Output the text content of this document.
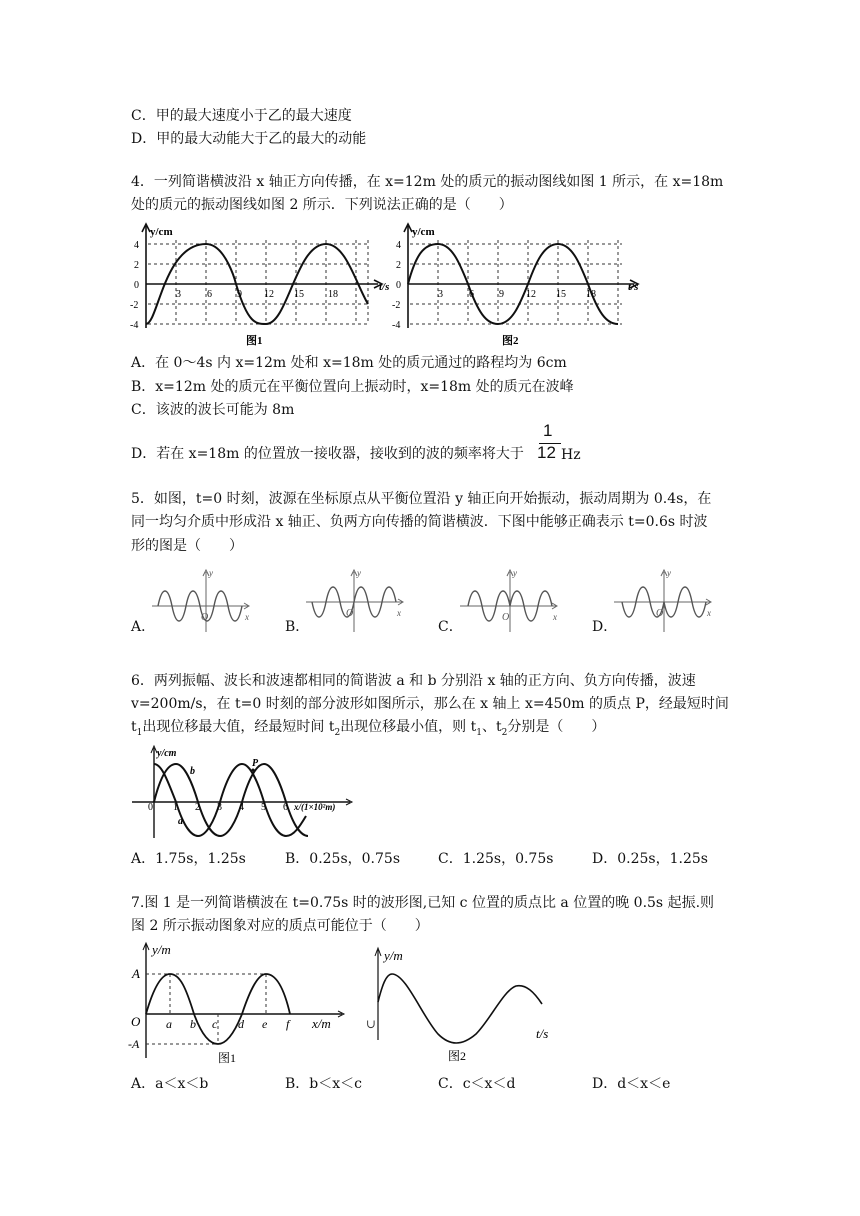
C．甲的最大速度小于乙的最大速度
D．甲的最大动能大于乙的最大的动能
4．一列简谐横波沿 x 轴正方向传播，在 x=12m 处的质元的振动图线如图 1 所示，在 x=18m
处的质元的振动图线如图 2 所示．下列说法正确的是（　　）
y/cm
t/s
4
2
0
-2
-4
3	6	9 12 15 18
图1
y/cm
t/s
4
2
0
-2
-4
3	6	9 12 15 18
图2
A．在 0～4s 内 x=12m 处和 x=18m 处的质元通过的路程均为 6cm
B．x=12m 处的质元在平衡位置向上振动时，x=18m 处的质元在波峰
C．该波的波长可能为 8m
D．若在 x=18m 的位置放一接收器，接收到的波的频率将大于
1
12 Hz
5．如图，t=0 时刻，波源在坐标原点从平衡位置沿 y 轴正向开始振动，振动周期为 0.4s，在
同一均匀介质中形成沿 x 轴正、负两方向传播的简谐横波．下图中能够正确表示 t=0.6s 时波
形的图是（　　）
A．
y
x
O
B．
y
x
O
C．
y
x
O
D．
y
x
O
6．两列振幅、波长和波速都相同的简谐波 a 和 b 分别沿 x 轴的正方向、负方向传播，波速
v=200m/s，在 t=0 时刻的部分波形如图所示，那么在 x 轴上 x=450m 的质点 P，经最短时间
$t_1$出现位移最大值，经最短时间 $t_2$出现位移最小值，则 $t_1$、$t_2$分别是（　　）
y/cm
b
a
P
0 1 2 3 4 5 6 x/(1×10²m)
A．1.75s，1.25s	B．0.25s，0.75s	C．1.25s，0.75s	D．0.25s，1.25s
7.图 1 是一列简谐横波在 t=0.75s 时的波形图,已知 c 位置的质点比 a 位置的晚 0.5s 起振.则
图 2 所示振动图象对应的质点可能位于（　　）
y/m
A
-A
O a b c d e f x/m
图1
y/m
t/s
∪
图2
A．a＜x＜b	B．b＜x＜c	C．c＜x＜d	D．d＜x＜e
